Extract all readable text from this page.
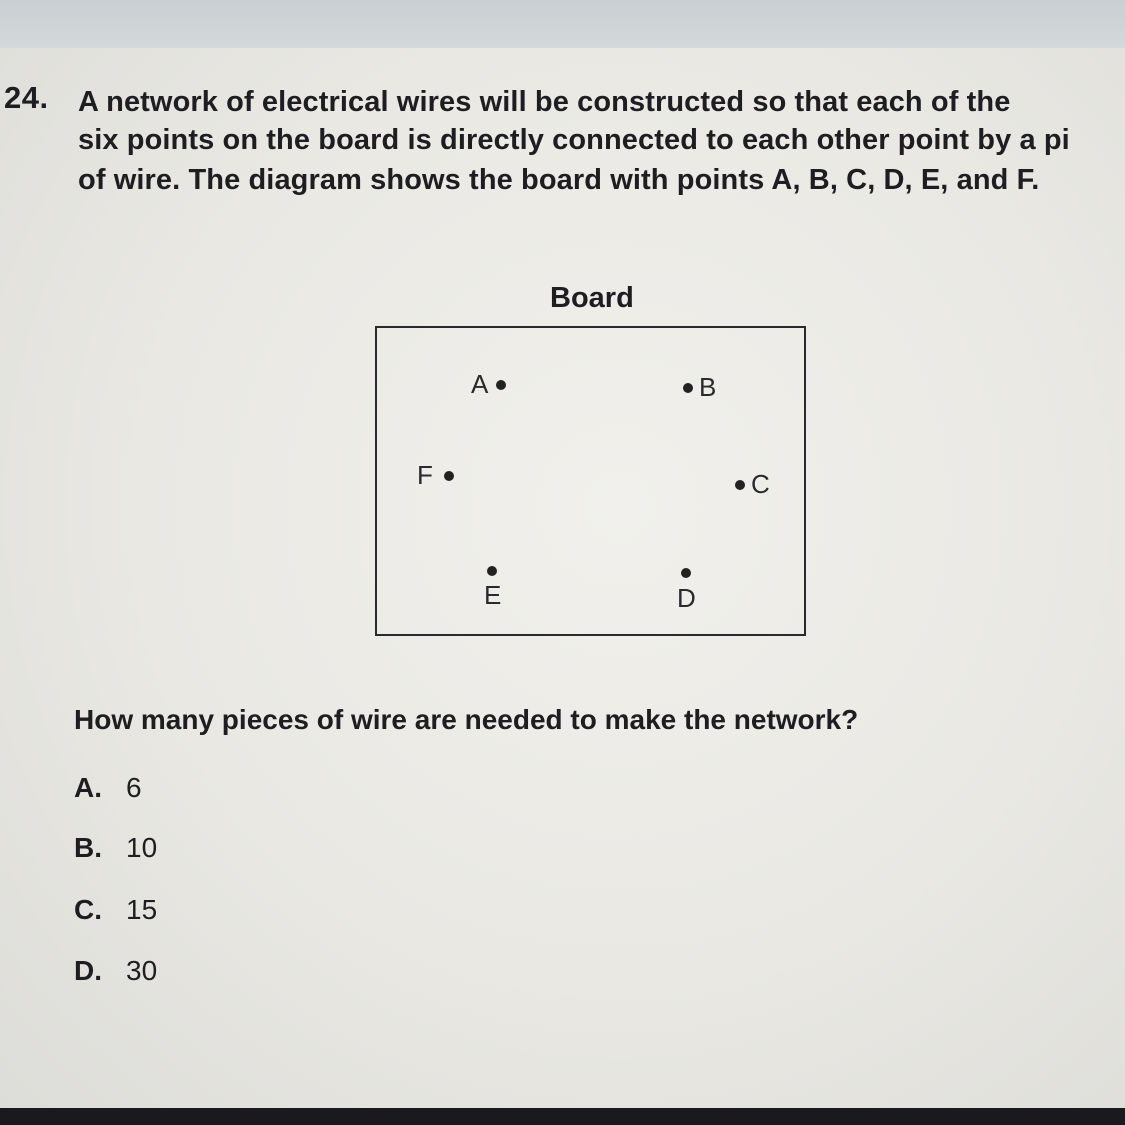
24. A network of electrical wires will be constructed so that each of the
six points on the board is directly connected to each other point by a pi
of wire. The diagram shows the board with points A, B, C, D, E, and F.
Board
A	B
F	C
E	D
How many pieces of wire are needed to make the network?
A. 6
B. 10
C. 15
D. 30
